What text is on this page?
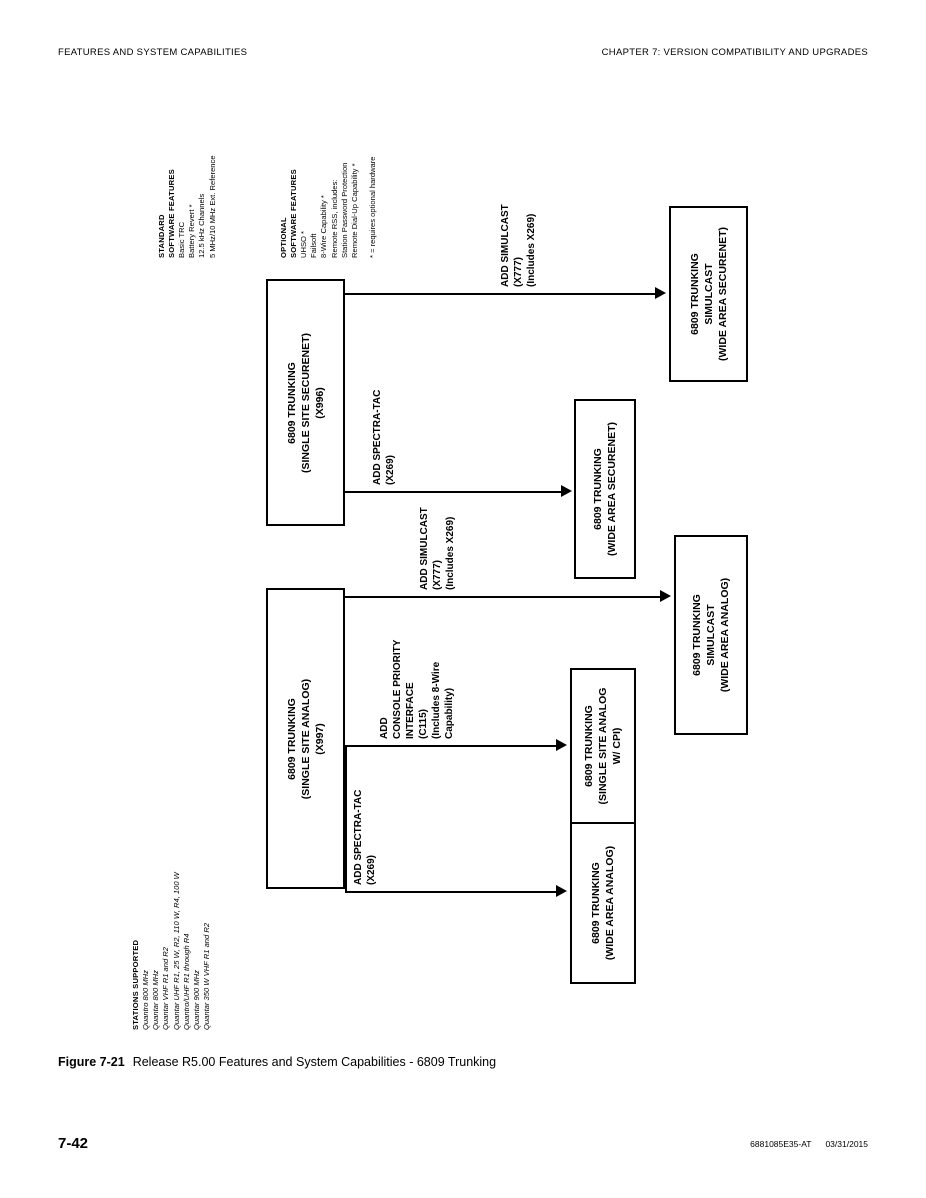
FEATURES AND SYSTEM CAPABILITIES	CHAPTER 7: VERSION COMPATIBILITY AND UPGRADES
STANDARD SOFTWARE FEATURES Basic TRC Battery Revert * 12.5 kHz Channels 5 MHz/10 MHz Ext. Reference	OPTIONAL SOFTWARE FEATURES UHSO * Failsoft 8-Wire Capability * Remote RSS, includes: Station Password Protection Remote Dial-Up Capability * * = requires optional hardware
STATIONS SUPPORTED Quantro 800 MHz Quantar 800 MHz Quantar VHF R1 and R2 Quantar UHF R1, 25 W, R2, 110 W, R4, 100 W Quantro/UHF R1 through R4 Quantar 900 MHz Quantar 350 W VHF R1 and R2
6809 TRUNKING (SINGLE SITE SECURENET) (X996)
6809 TRUNKING SIMULCAST (WIDE AREA SECURENET)
6809 TRUNKING (WIDE AREA SECURENET)
6809 TRUNKING (SINGLE SITE ANALOG) (X997)
6809 TRUNKING SIMULCAST (WIDE AREA ANALOG)
6809 TRUNKING (SINGLE SITE ANALOG W/ CPI)
6809 TRUNKING (WIDE AREA ANALOG)
ADD SIMULCAST (X777) (Includes X269)
ADD SPECTRA-TAC (X269)
ADD SIMULCAST (X777) (Includes X269)
ADD CONSOLE PRIORITY INTERFACE (C115) (Includes 8-Wire Capability)
ADD SPECTRA-TAC (X269)
Figure 7-21 Release R5.00 Features and System Capabilities - 6809 Trunking
7-42	6881085E35-AT 03/31/2015
